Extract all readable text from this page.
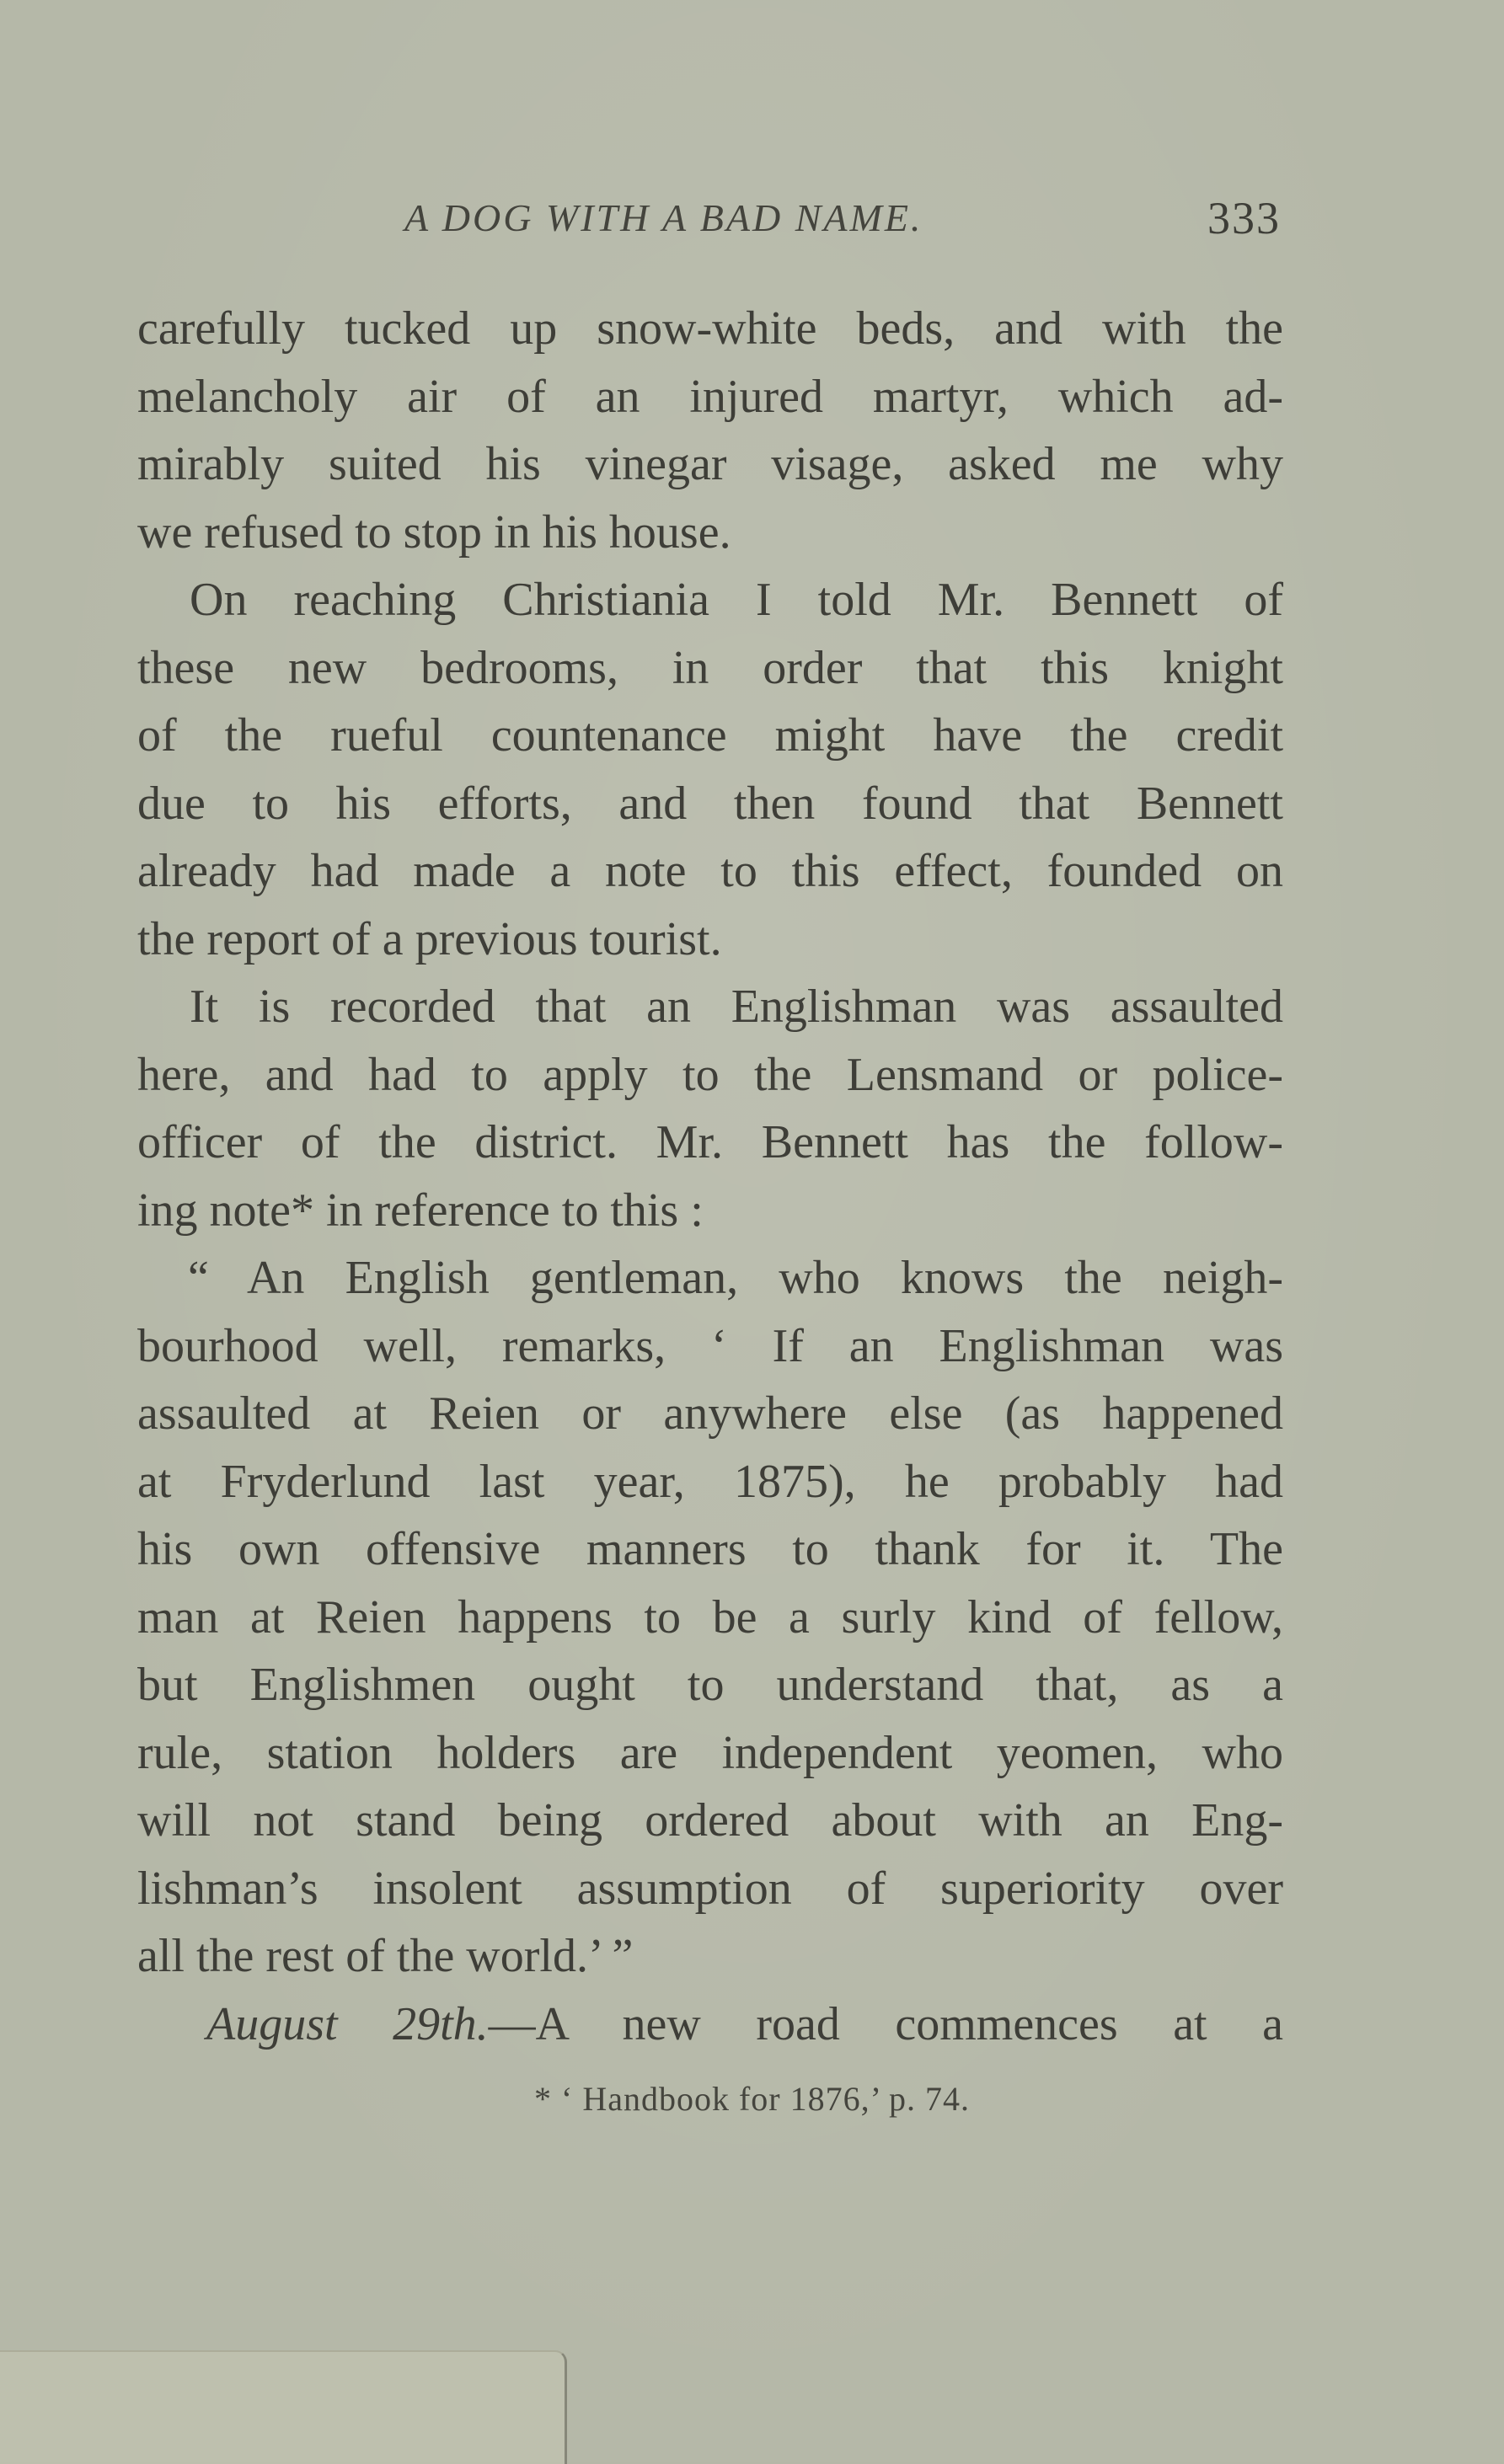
A DOG WITH A BAD NAME.	333
carefully tucked up snow-white beds, and with the
melancholy air of an injured martyr, which ad-
mirably suited his vinegar visage, asked me why
we refused to stop in his house.
On reaching Christiania I told Mr. Bennett of
these new bedrooms, in order that this knight
of the rueful countenance might have the credit
due to his efforts, and then found that Bennett
already had made a note to this effect, founded on
the report of a previous tourist.
It is recorded that an Englishman was assaulted
here, and had to apply to the Lensmand or police-
officer of the district. Mr. Bennett has the follow-
ing note* in reference to this :
“ An English gentleman, who knows the neigh-
bourhood well, remarks, ‘ If an Englishman was
assaulted at Reien or anywhere else (as happened
at Fryderlund last year, 1875), he probably had
his own offensive manners to thank for it. The
man at Reien happens to be a surly kind of fellow,
but Englishmen ought to understand that, as a
rule, station holders are independent yeomen, who
will not stand being ordered about with an Eng-
lishman’s insolent assumption of superiority over
all the rest of the world.’ ”
August 29th.—A new road commences at a
* ‘ Handbook for 1876,’ p. 74.
